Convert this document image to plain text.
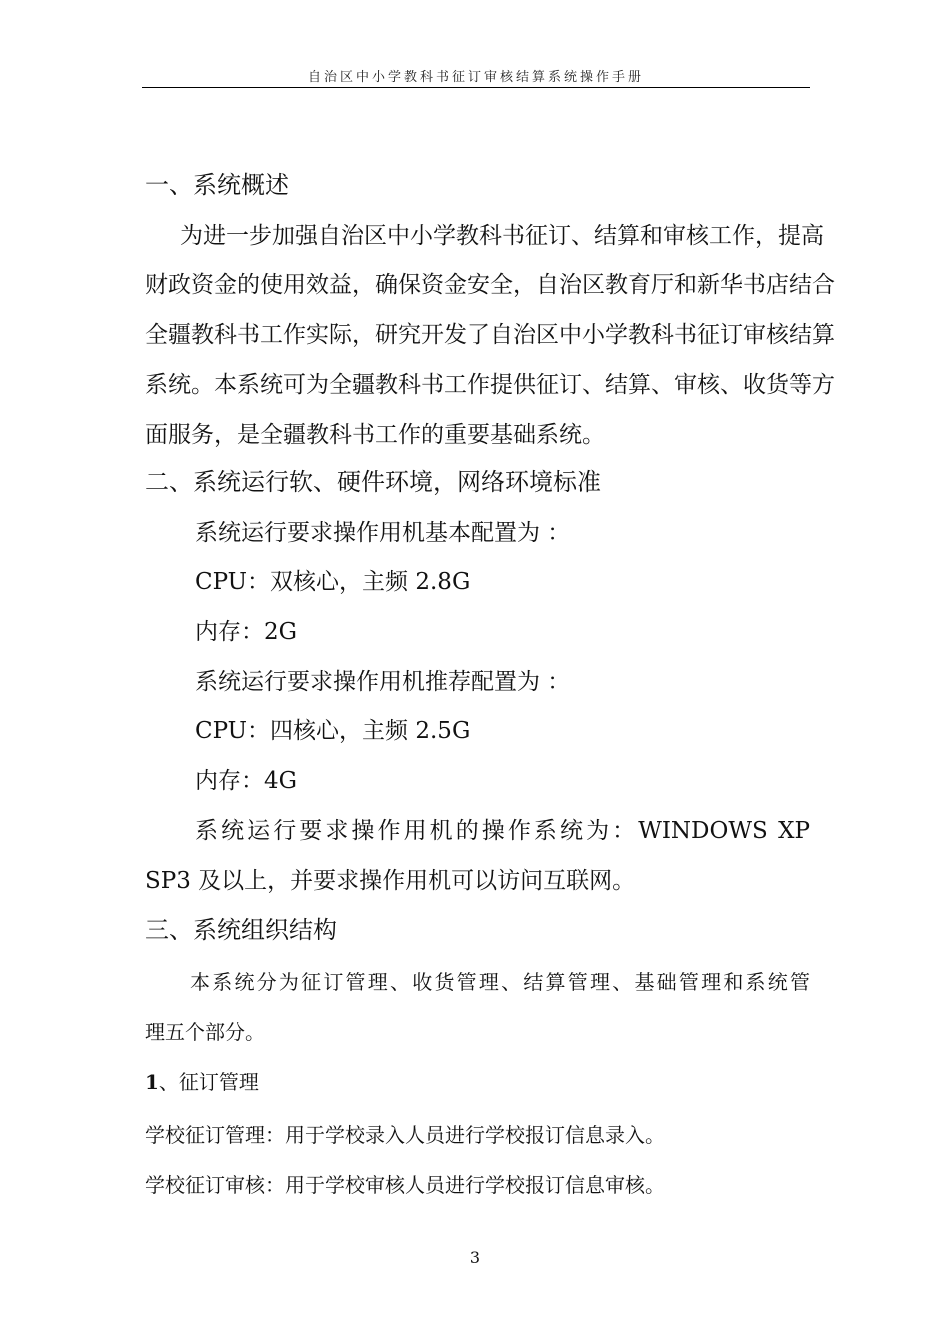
自治区中小学教科书征订审核结算系统操作手册
一、系统概述
为进一步加强自治区中小学教科书征订、结算和审核工作，提高
财政资金的使用效益，确保资金安全，自治区教育厅和新华书店结合
全疆教科书工作实际，研究开发了自治区中小学教科书征订审核结算
系统。本系统可为全疆教科书工作提供征订、结算、审核、收货等方
面服务，是全疆教科书工作的重要基础系统。
二、系统运行软、硬件环境，网络环境标准
系统运行要求操作用机基本配置为 ：
CPU：双核心，主频 2.8G
内存：2G
系统运行要求操作用机推荐配置为 ：
CPU：四核心，主频 2.5G
内存：4G
系统运行要求操作用机的操作系统为：WINDOWS XP
SP3 及以上，并要求操作用机可以访问互联网。
三、系统组织结构
本系统分为征订管理、收货管理、结算管理、基础管理和系统管
理五个部分。
1、征订管理
学校征订管理：用于学校录入人员进行学校报订信息录入。
学校征订审核：用于学校审核人员进行学校报订信息审核。
3
